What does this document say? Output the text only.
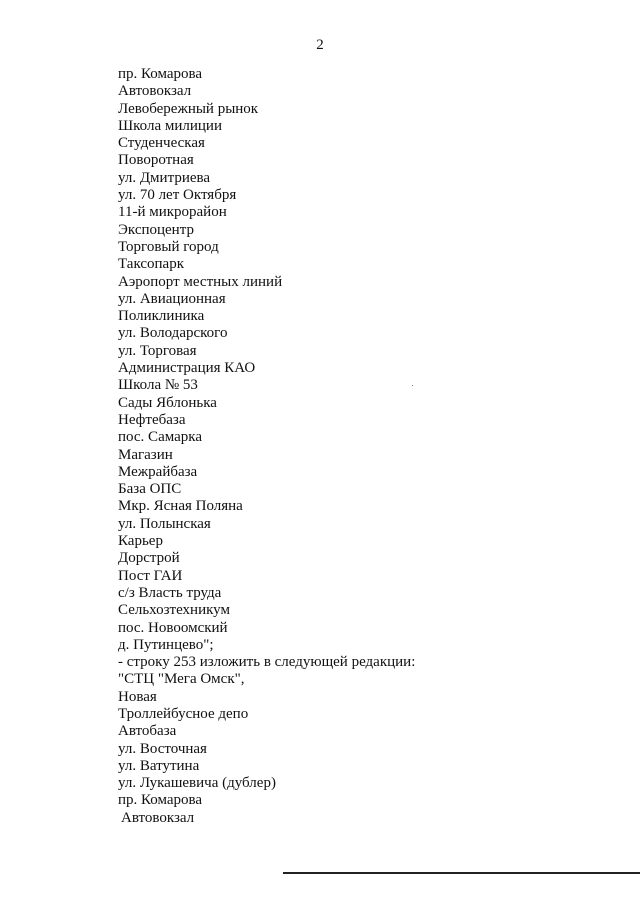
2
пр. Комарова
Автовокзал
Левобережный рынок
Школа милиции
Студенческая
Поворотная
ул. Дмитриева
ул. 70 лет Октября
11-й микрорайон
Экспоцентр
Торговый город
Таксопарк
Аэропорт местных линий
ул. Авиационная
Поликлиника
ул. Володарского
ул. Торговая
Администрация КАО
Школа № 53
Сады Яблонька
Нефтебаза
пос. Самарка
Магазин
Межрайбаза
База ОПС
Мкр. Ясная Поляна
ул. Полынская
Карьер
Дорстрой
Пост ГАИ
с/з Власть труда
Сельхозтехникум
пос. Новоомский
д. Путинцево";
- строку 253 изложить в следующей редакции:
"СТЦ "Мега Омск",
Новая
Троллейбусное депо
Автобаза
ул. Восточная
ул. Ватутина
ул. Лукашевича (дублер)
пр. Комарова
Автовокзал
